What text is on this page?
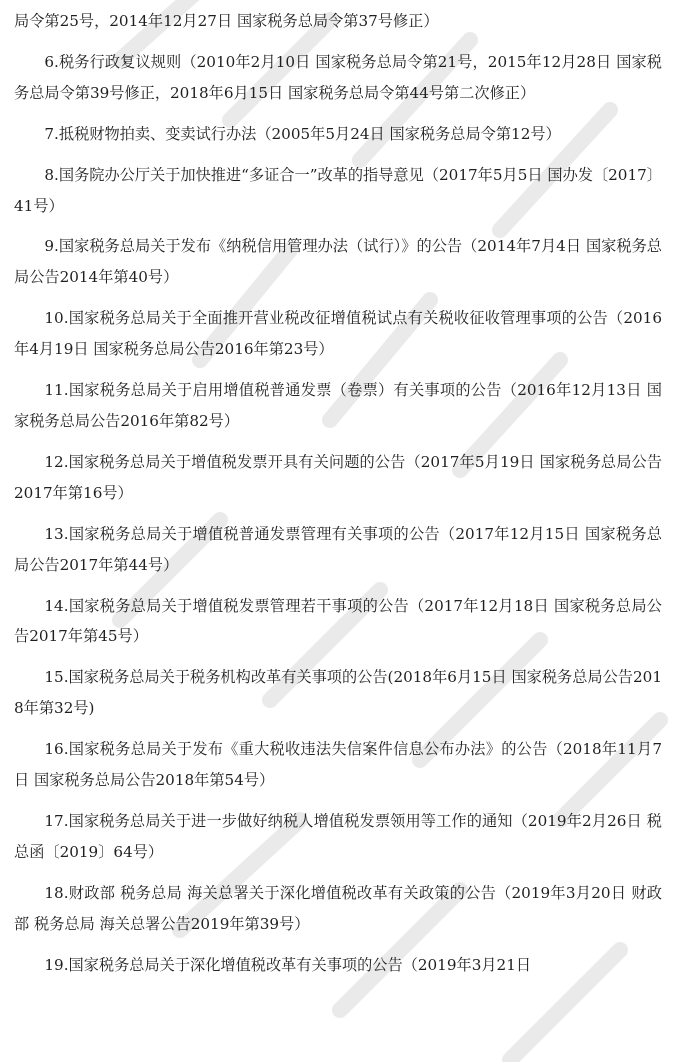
局令第25号，2014年12月27日 国家税务总局令第37号修正）

6.税务行政复议规则（2010年2月10日 国家税务总局令第21号，2015年12月28日 国家税务总局令第39号修正，2018年6月15日 国家税务总局令第44号第二次修正）

7.抵税财物拍卖、变卖试行办法（2005年5月24日 国家税务总局令第12号）

8.国务院办公厅关于加快推进“多证合一”改革的指导意见（2017年5月5日 国办发〔2017〕41号）

9.国家税务总局关于发布《纳税信用管理办法（试行）》的公告（2014年7月4日 国家税务总局公告2014年第40号）

10.国家税务总局关于全面推开营业税改征增值税试点有关税收征收管理事项的公告（2016年4月19日 国家税务总局公告2016年第23号）

11.国家税务总局关于启用增值税普通发票（卷票）有关事项的公告（2016年12月13日 国家税务总局公告2016年第82号）

12.国家税务总局关于增值税发票开具有关问题的公告（2017年5月19日 国家税务总局公告2017年第16号）

13.国家税务总局关于增值税普通发票管理有关事项的公告（2017年12月15日 国家税务总局公告2017年第44号）

14.国家税务总局关于增值税发票管理若干事项的公告（2017年12月18日 国家税务总局公告2017年第45号）

15.国家税务总局关于税务机构改革有关事项的公告(2018年6月15日 国家税务总局公告2018年第32号)

16.国家税务总局关于发布《重大税收违法失信案件信息公布办法》的公告（2018年11月7日 国家税务总局公告2018年第54号）

17.国家税务总局关于进一步做好纳税人增值税发票领用等工作的通知（2019年2月26日 税总函〔2019〕64号）

18.财政部 税务总局 海关总署关于深化增值税改革有关政策的公告（2019年3月20日 财政部 税务总局 海关总署公告2019年第39号）

19.国家税务总局关于深化增值税改革有关事项的公告（2019年3月21日
